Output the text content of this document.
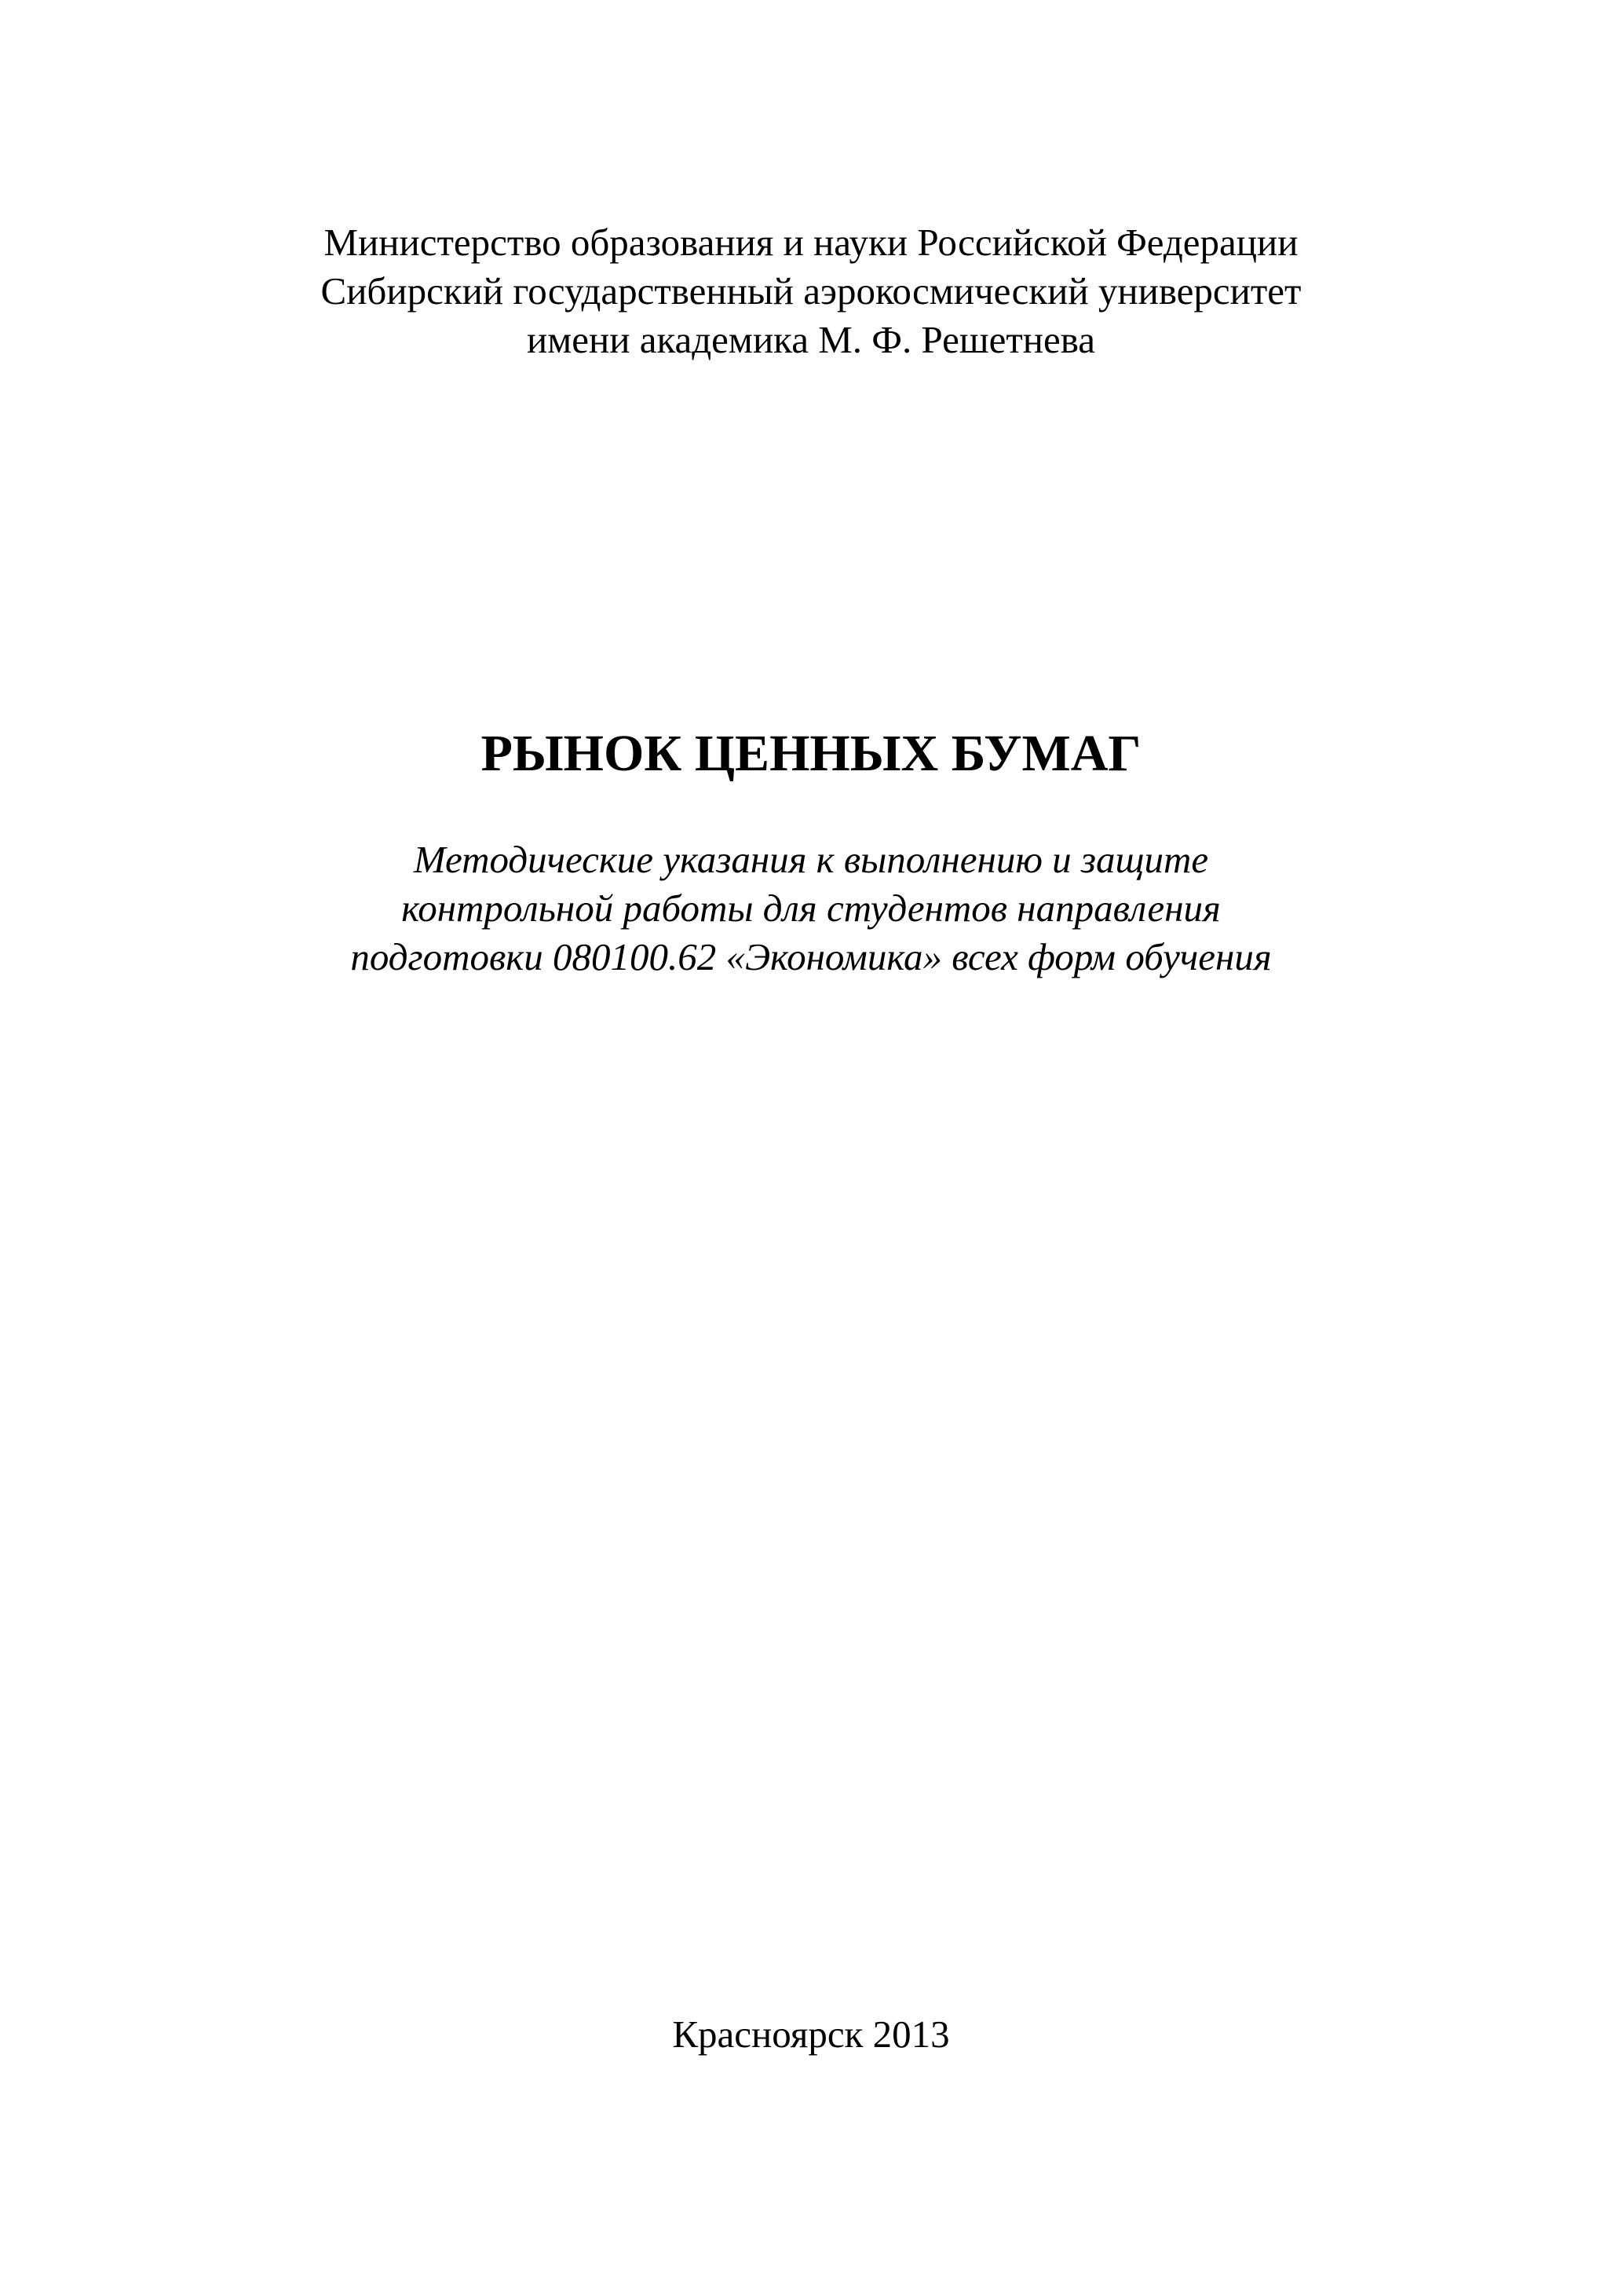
Министерство образования и науки Российской Федерации
Сибирский государственный аэрокосмический университет
имени академика М. Ф. Решетнева
РЫНОК ЦЕННЫХ БУМАГ
Методические указания к выполнению и защите
контрольной работы для студентов направления
подготовки 080100.62 «Экономика» всех форм обучения
Красноярск 2013
